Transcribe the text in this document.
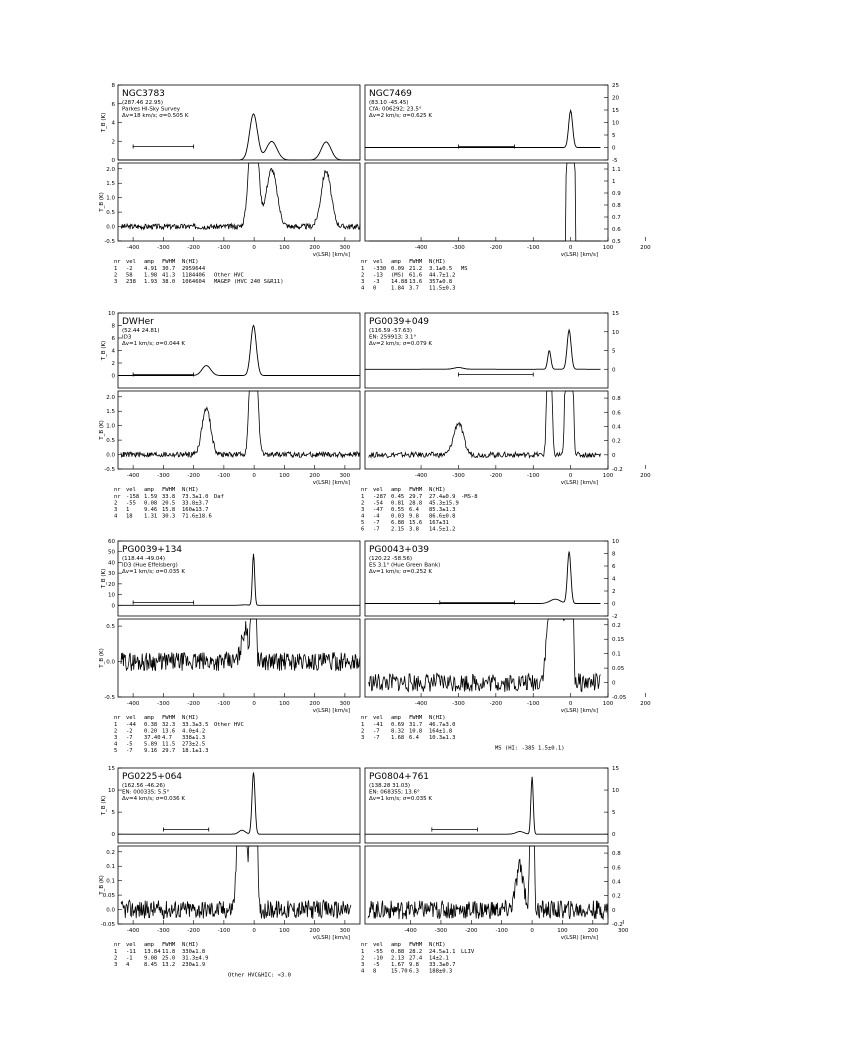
0
2
4
6
8
NGC3783
(287.46 22.95)
Parkes HI-Sky Survey
Δv=18 km/s; σ=0.505 K
T_B (K)
-0.5
0.0
0.5
1.0
1.5
2.0
T_B (K)
-400	-300	-200	-100	0	100	200	300
v(LSR) [km/s]
nr vel amp FWHM N(HI)
1 -2 4.91 30.7 2959644
2 58 1.98 41.3 1184406 Other HVC
3 238 1.93 38.0 1064604 MAGEP (HVC 240 S&R11)
-5
0
5
10
15
20
25
NGC7469
(83.10 -45.45)
CfA: 006292; 23.5°
Δv=2 km/s; σ=0.625 K
0.5
0.6
0.7
0.8
0.9
1
1.1
-400	-300	-200	-100	0	100	200
v(LSR) [km/s]
nr vel amp FWHM N(HI)
1 -330 0.09 21.2 3.1±0.5 MS
2 -13 (MS) 61.6 44.7±1.2
3 -3 14.88 13.6 357±0.8
4 0	1.84 3.7 11.5±0.3
0
2
4
6
8
10
DWHer
(52.44 24.81)
ID3
Δv=1 km/s; σ=0.044 K
T_B (K)
-0.5
0.0
0.5
1.0
1.5
2.0
T_B (K)
-400	-300	-200	-100	0	100	200	300
v(LSR) [km/s]
nr vel amp FWHM N(HI)
nr -158 1.59 33.8 73.3±1.0 Daf
2 -55 0.08 20.5 33.8±3.7
3 1	9.46 15.8 160±13.7
4 18 1.31 30.3 71.6±18.6
0
5
10
15
PG0039+049
(116.59 -57.63)
EN: 259913; 3.1°
Δv=2 km/s; σ=0.079 K
-0.2
0
0.2
0.4
0.6
0.8
-400	-300	-200	-100	0	100	200
v(LSR) [km/s]
nr vel amp FWHM N(HI)
1 -287 0.45 29.7 27.4±0.9 -MS-8
2 -54 0.81 28.8 45.3±15.9
3 -47 0.55 6.4 85.3±1.3
4 -4 0.03 9.8 86.6±0.8
5 -7 6.88 15.6 167±31
6 -7 2.15 3.8 14.5±1.2
0
10
20
30
40
50
60
PG0039+134
(118.44 -49.04)
ID3 (Hue Effelsberg)
Δv=1 km/s; σ=0.035 K
T_B (K)
-0.5
0.0
0.5
T_B (K)
-400	-300	-200	-100	0	100	200	300
v(LSR) [km/s]
nr vel amp FWHM N(HI)
1 -44 0.38 32.3 33.3±3.5 Other HVC
2 -2 0.20 13.6 4.0±4.2
3 -7 37.40 4.7 338±1.3
4 -5 5.89 11.5 273±2.5
5 -7 9.16 29.7 18.1±1.3
-2
0
2
4
6
8
10
PG0043+039
(120.22 -58.56)
ES 3.1° (Hue Green Bank)
Δv=1 km/s; σ=0.252 K
-0.05
0
0.05
0.1
0.15
0.2
-400	-300	-200	-100	0	100	200
v(LSR) [km/s]
nr vel amp FWHM N(HI)
1 -41 0.69 31.7 46.7±3.0
2 -7 8.32 10.8 164±1.8
3 -7 1.68 6.4 10.3±1.3
MS (HI: -385 1.5±0.1)
0
5
10
15
PG0225+064
(162.56 -46.26)
EN: 000335; 5.5°
Δv=4 km/s; σ=0.036 K
T_B (K)
-0.05
0.0
0.05
0.1
0.1
0.2
T_B (K)
-400	-300	-200	-100	0	100	200	300
v(LSR) [km/s]
nr vel amp FWHM N(HI)
1 -11 13.84 11.8 330±1.8
2 -1 9.08 25.0 31.3±4.9
3 4	8.45 13.2 230±1.9
Other HVC&HIC: <3.0
0
5
10
15
PG0804+761
(138.28 31.03)
EN: 068355; 13.6°
Δv=1 km/s; σ=0.035 K
-0.2
0
0.2
0.4
0.6
0.8
-400	-300	-200	-100	0	100	200	300
v(LSR) [km/s]
nr vel amp FWHM N(HI)
1 -55 0.88 28.2 24.5±1.1 LLIV
2 -10 2.13 27.4 14±2.1
3 -5 1.67 9.8 33.3±0.7
4 8	15.70 6.3 188±0.3
